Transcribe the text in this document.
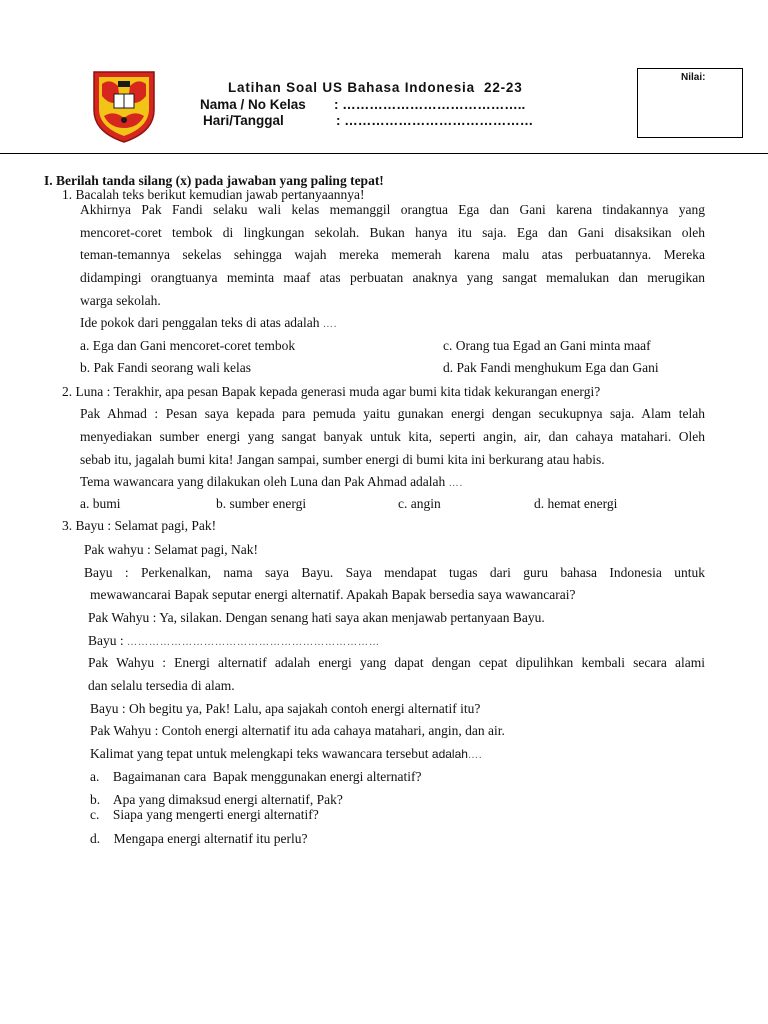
Latihan Soal US Bahasa Indonesia  22-23
Nama / No Kelas : …………………………………..
Hari/Tanggal	: ……………………………………
Nilai:
I. Berilah tanda silang (x) pada jawaban yang paling tepat!
1. Bacalah teks berikut kemudian jawab pertanyaannya!
Akhirnya Pak Fandi selaku wali kelas memanggil orangtua Ega dan Gani karena tindakannya yang
mencoret-coret tembok di lingkungan sekolah. Bukan hanya itu saja. Ega dan Gani disaksikan oleh
teman-temannya sekelas sehingga wajah mereka memerah karena malu atas perbuatannya. Mereka
didampingi orangtuanya meminta maaf atas perbuatan anaknya yang sangat memalukan dan merugikan
warga sekolah.
Ide pokok dari penggalan teks di atas adalah ….
a. Ega dan Gani mencoret-coret tembok	c. Orang tua Egad an Gani minta maaf
b. Pak Fandi seorang wali kelas	d. Pak Fandi menghukum Ega dan Gani
2. Luna : Terakhir, apa pesan Bapak kepada generasi muda agar bumi kita tidak kekurangan energi?
Pak Ahmad : Pesan saya kepada para pemuda yaitu gunakan energi dengan secukupnya saja. Alam telah
menyediakan sumber energi yang sangat banyak untuk kita, seperti angin, air, dan cahaya matahari. Oleh
sebab itu, jagalah bumi kita! Jangan sampai, sumber energi di bumi kita ini berkurang atau habis.
Tema wawancara yang dilakukan oleh Luna dan Pak Ahmad adalah ….
a. bumi	b. sumber energi	c. angin	d. hemat energi
3. Bayu : Selamat pagi, Pak!
Pak wahyu : Selamat pagi, Nak!
Bayu : Perkenalkan, nama saya Bayu. Saya mendapat tugas dari guru bahasa Indonesia untuk
mewawancarai Bapak seputar energi alternatif. Apakah Bapak bersedia saya wawancarai?
Pak Wahyu : Ya, silakan. Dengan senang hati saya akan menjawab pertanyaan Bayu.
Bayu : ……………………………………………………………
Pak Wahyu : Energi alternatif adalah energi yang dapat dengan cepat dipulihkan kembali secara alami
dan selalu tersedia di alam.
Bayu : Oh begitu ya, Pak! Lalu, apa sajakah contoh energi alternatif itu?
Pak Wahyu : Contoh energi alternatif itu ada cahaya matahari, angin, dan air.
Kalimat yang tepat untuk melengkapi teks wawancara tersebut adalah….
a.    Bagaimanan cara  Bapak menggunakan energi alternatif?
b.    Apa yang dimaksud energi alternatif, Pak?
c.    Siapa yang mengerti energi alternatif?
d.    Mengapa energi alternatif itu perlu?
